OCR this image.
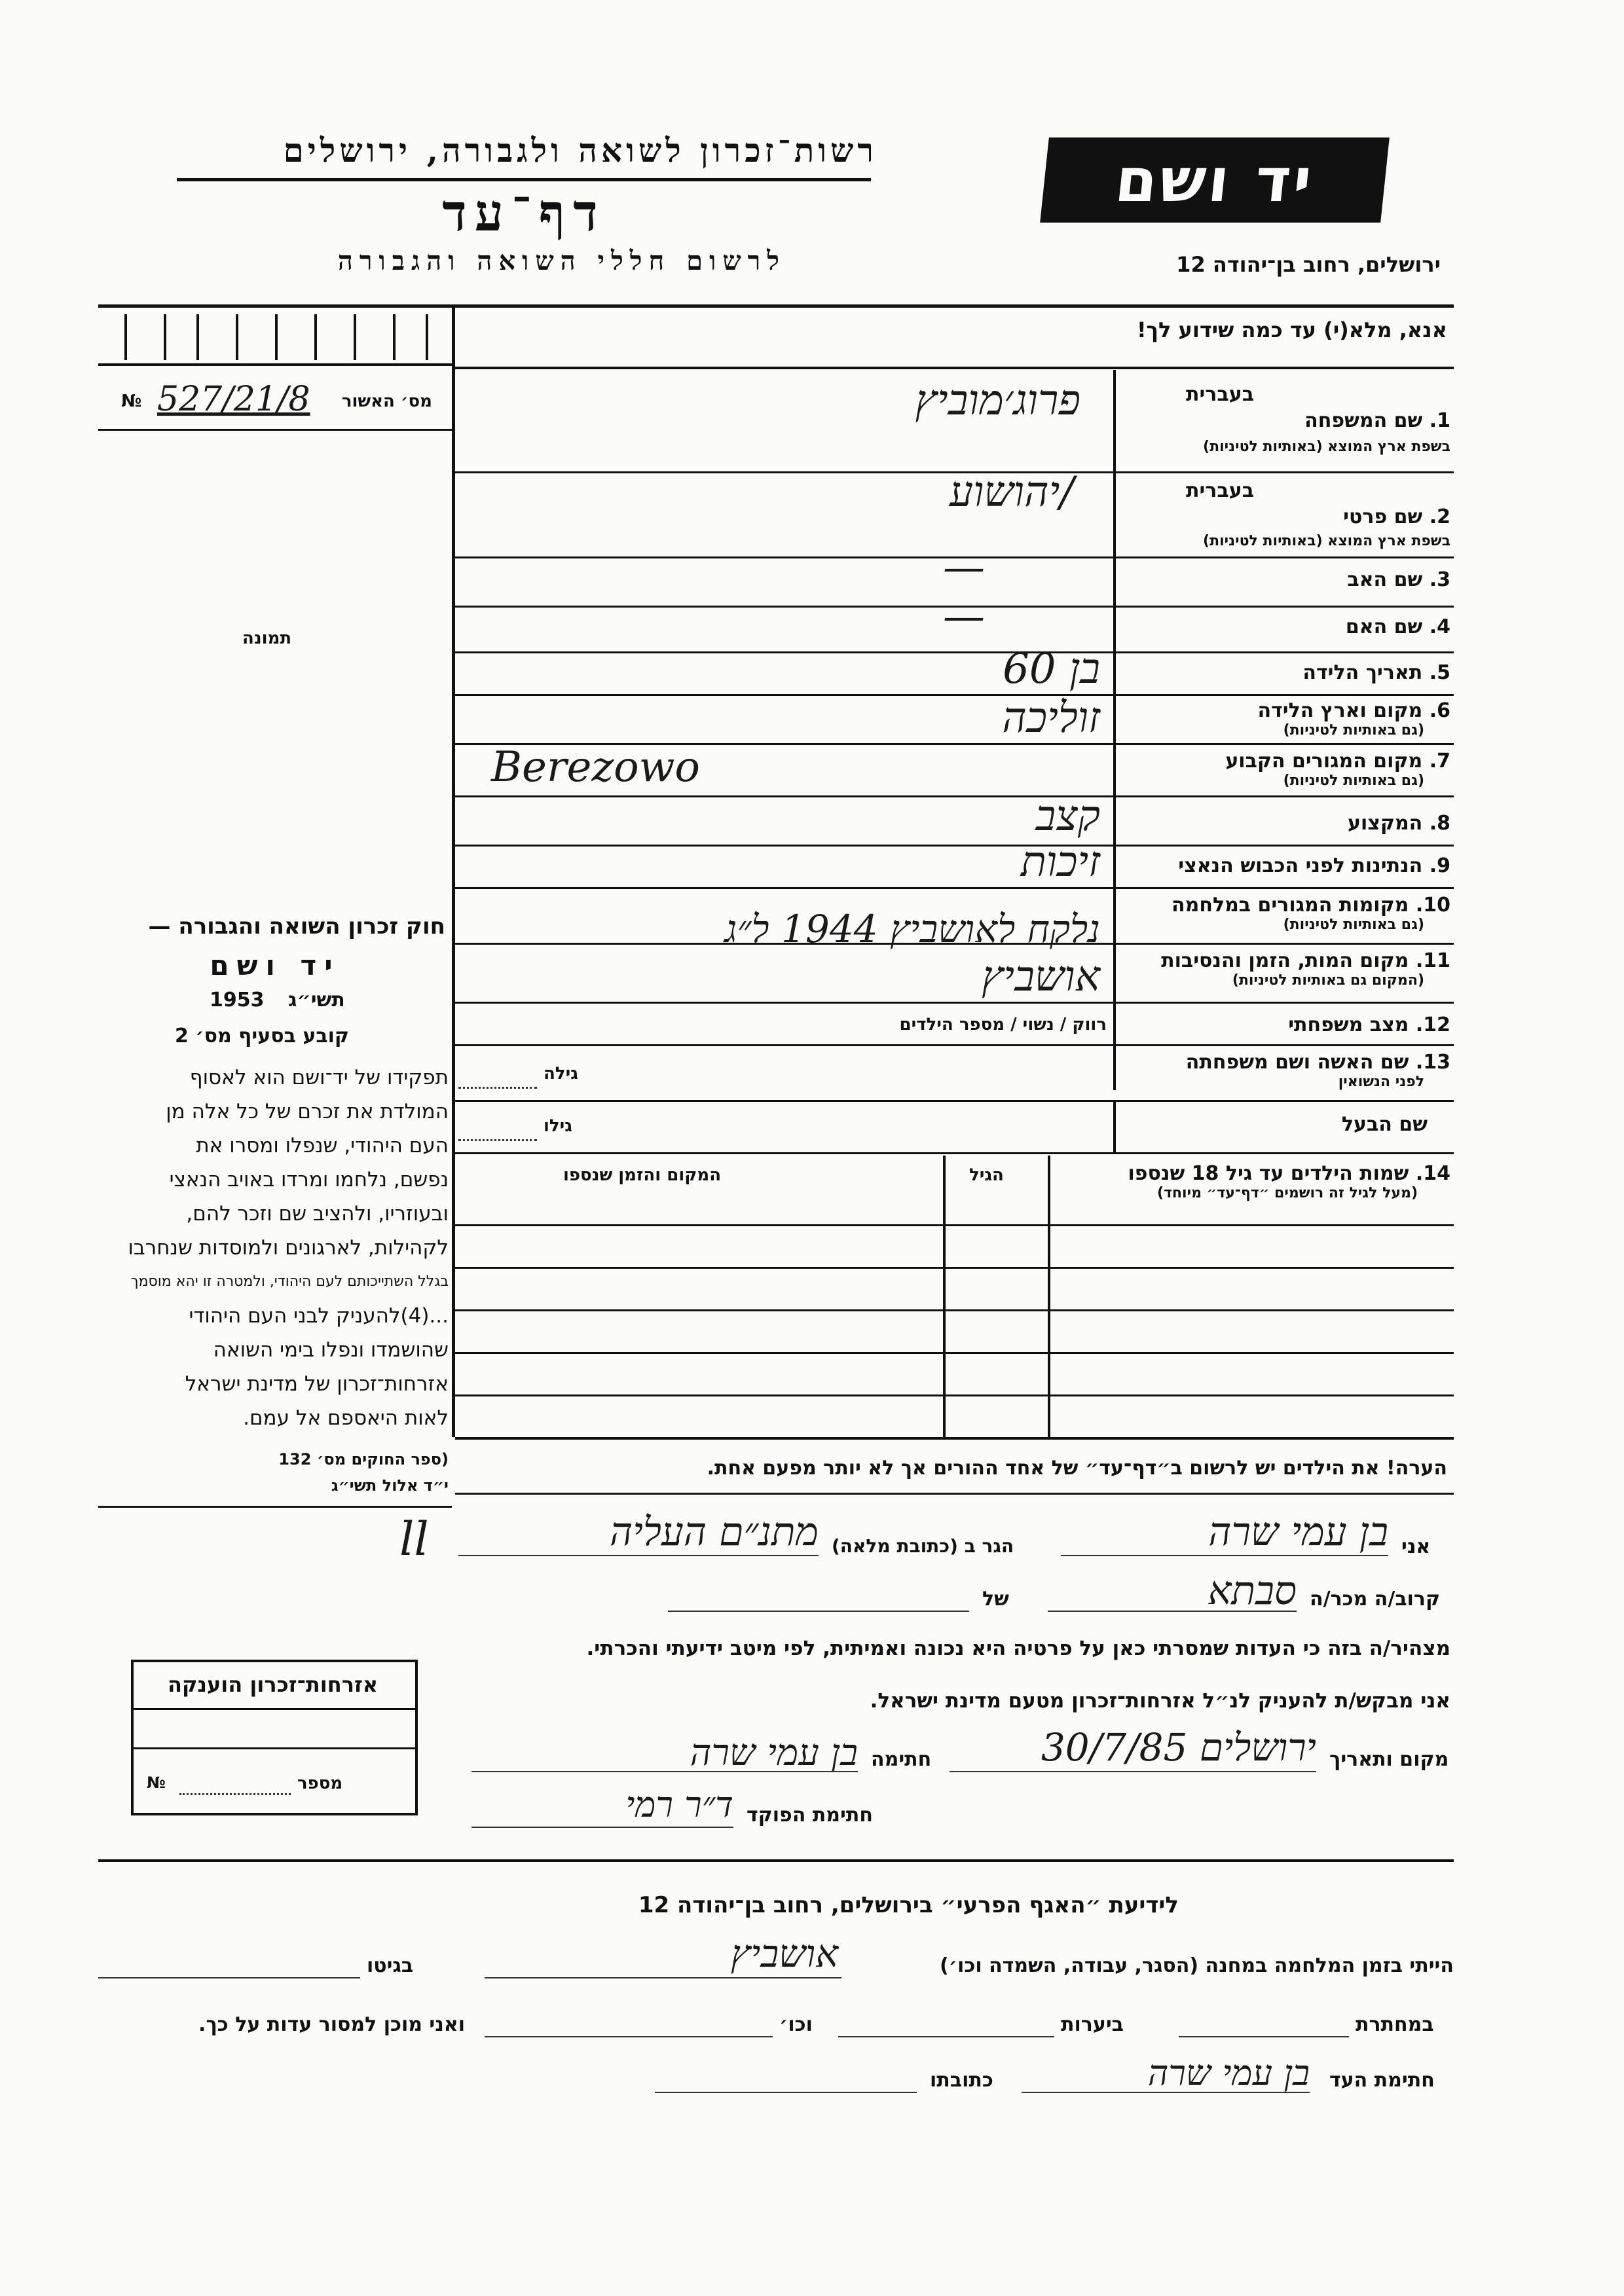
רשות־זכרון לשואה ולגבורה, ירושלים
דף־עד
לרשום חללי השואה והגבורה
יד ושם
ירושלים, רחוב בן־יהודה 12
אנא, מלא(י) עד כמה שידוע לך!
№ 527/21/8	מס׳ האשור
תמונה
חוק זכרון השואה והגבורה —
יד ושם
תשי״ג
1953
קובע בסעיף מס׳ 2
תפקידו של יד־ושם הוא לאסוף
המולדת את זכרם של כל אלה מן
העם היהודי, שנפלו ומסרו את
נפשם, נלחמו ומרדו באויב הנאצי
ובעוזריו, ולהציב שם וזכר להם,
לקהילות, לארגונים ולמוסדות שנחרבו
בגלל השתייכותם לעם היהודי, ולמטרה זו יהא מוסמך
...(4)להעניק לבני העם היהודי
שהושמדו ונפלו בימי השואה
אזרחות־זכרון של מדינת ישראל
לאות היאספם אל עמם.
(ספר החוקים מס׳ 132
י״ד אלול תשי״ג
בעברית
1. שם המשפחה
בשפת ארץ המוצא (באותיות לטיניות)
פרוג׳מוביץ
בעברית
2. שם פרטי
בשפת ארץ המוצא (באותיות לטיניות)
/יהושוע
3. שם האב
—
4. שם האם
—
5. תאריך הלידה
בן 60
6. מקום וארץ הלידה
(גם באותיות לטיניות)
זוליכה
7. מקום המגורים הקבוע
(גם באותיות לטיניות)
Berezowo
8. המקצוע
קצב
9. הנתינות לפני הכבוש הנאצי
זיכות
10. מקומות המגורים במלחמה
(גם באותיות לטיניות)
11. מקום המות, הזמן והנסיבות
(המקום גם באותיות לטיניות)
נלקח לאושביץ 1944 ל״ג
אושביץ
12. מצב משפחתי
רווק / נשוי / מספר הילדים
13. שם האשה ושם משפחתה
לפני הנשואין
גילה
שם הבעל
גילו
14. שמות הילדים עד גיל 18 שנספו
(מעל לגיל זה רושמים ״דף־עד״ מיוחד)
הגיל
המקום והזמן שנספו
הערה! את הילדים יש לרשום ב״דף־עד״ של אחד ההורים אך לא יותר מפעם אחת.
אני
בן עמי שרה
הגר ב (כתובת מלאה)
מתנ״ם העליה
ll
קרוב/ה מכר/ה
סבתא
של
מצהיר/ה בזה כי העדות שמסרתי כאן על פרטיה היא נכונה ואמיתית, לפי מיטב ידיעתי והכרתי.
אני מבקש/ת להעניק לנ״ל אזרחות־זכרון מטעם מדינת ישראל.
מקום ותאריך
ירושלים 30/7/85
חתימה
בן עמי שרה
חתימת הפוקד
ד״ר רמי
אזרחות־זכרון הוענקה
מספר
№
לידיעת ״האגף הפרעי״ בירושלים, רחוב בן־יהודה 12
הייתי בזמן המלחמה במחנה (הסגר, עבודה, השמדה וכו׳)
אושביץ
בגיטו
במחתרת
ביערות
וכו׳
ואני מוכן למסור עדות על כך.
חתימת העד
בן עמי שרה
כתובתו
